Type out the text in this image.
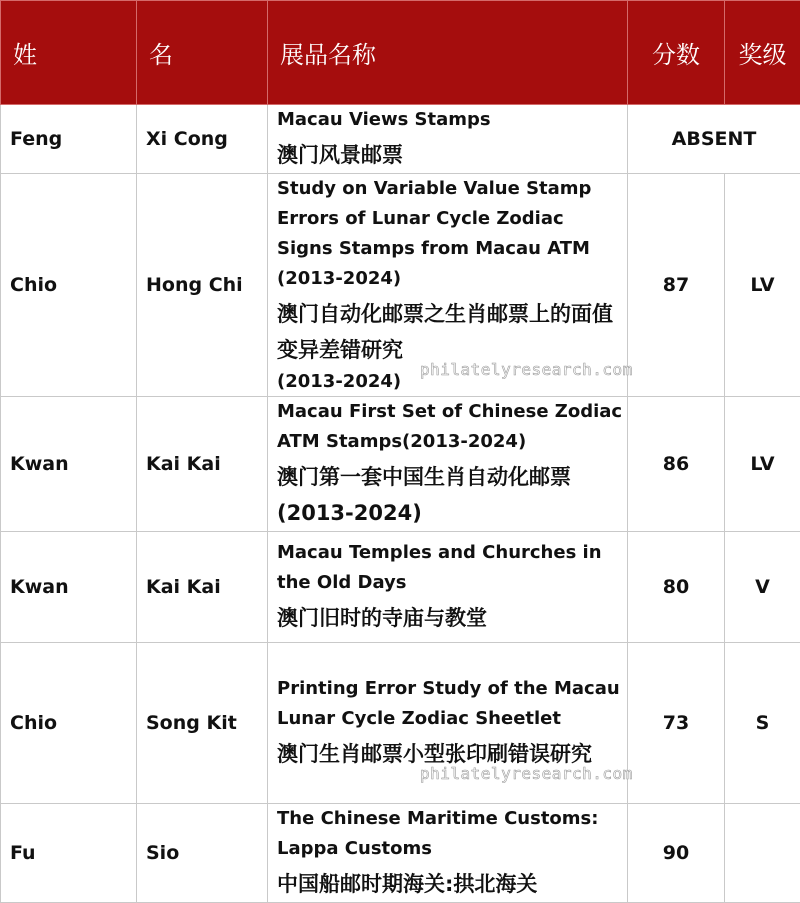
姓	名	展品名称	分数	奖级
Feng	Xi Cong	Macau Views Stamps
澳门风景邮票	ABSENT	
Chio	Hong Chi	Study on Variable Value Stamp Errors of Lunar Cycle Zodiac Signs Stamps from Macau ATM (2013-2024)
澳门自动化邮票之生肖邮票上的面值变异差错研究
(2013-2024)	87	LV
Kwan	Kai Kai	Macau First Set of Chinese Zodiac ATM Stamps(2013-2024)
澳门第一套中国生肖自动化邮票(2013-2024)	86	LV
Kwan	Kai Kai	Macau Temples and Churches in the Old Days
澳门旧时的寺庙与教堂	80	V
Chio	Song Kit	Printing Error Study of the Macau Lunar Cycle Zodiac Sheetlet
澳门生肖邮票小型张印刷错误研究	73	S
Fu	Sio	The Chinese Maritime Customs: Lappa Customs
中国船邮时期海关:拱北海关	90	
philatelyresearch.com
philatelyresearch.com
